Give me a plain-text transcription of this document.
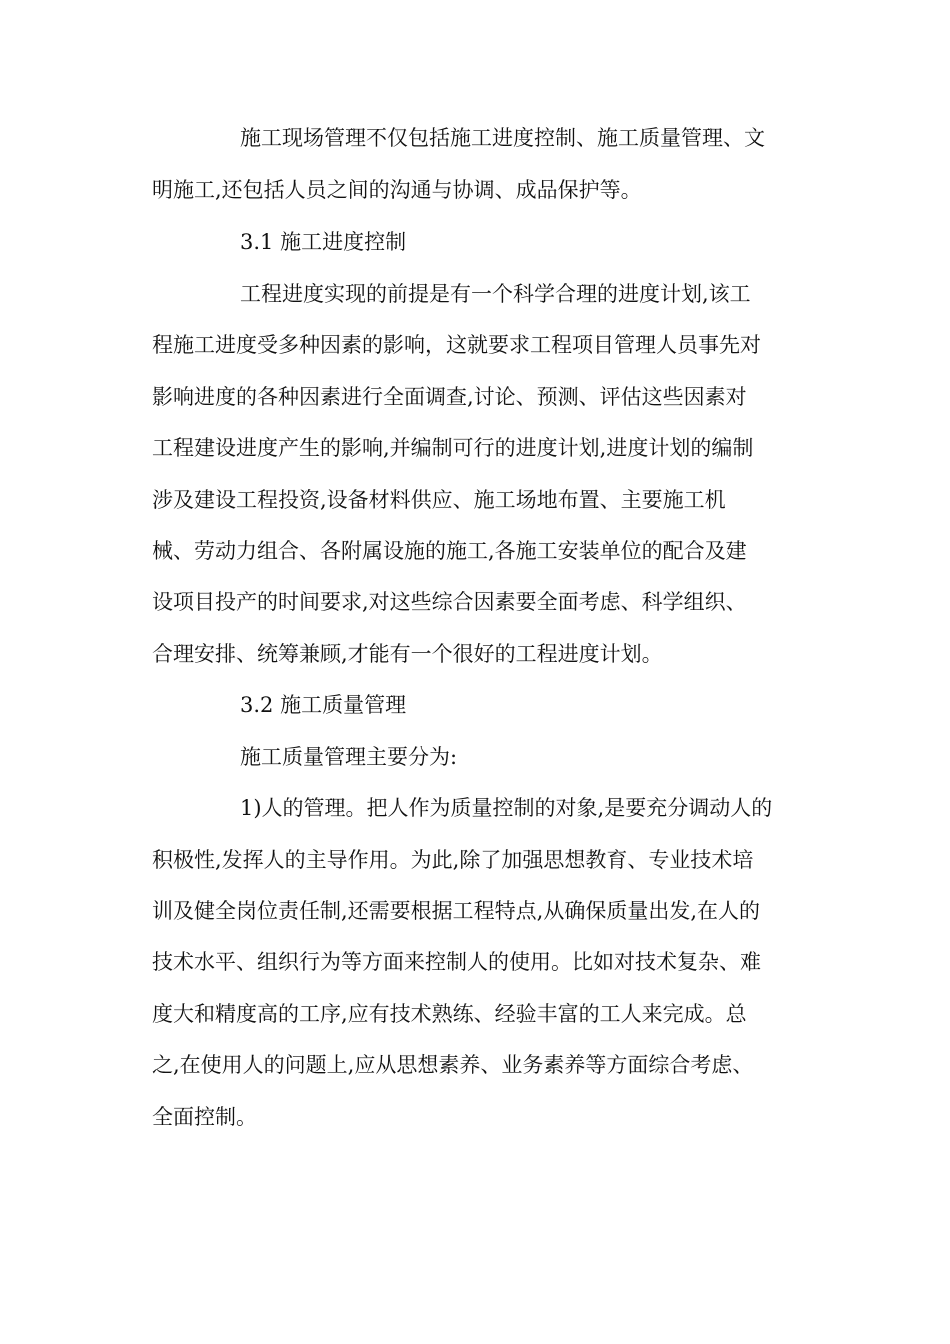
施工现场管理不仅包括施工进度控制、施工质量管理、文
明施工,还包括人员之间的沟通与协调、成品保护等。
3.1 施工进度控制
工程进度实现的前提是有一个科学合理的进度计划,该工
程施工进度受多种因素的影响，这就要求工程项目管理人员事先对
影响进度的各种因素进行全面调查,讨论、预测、评估这些因素对
工程建设进度产生的影响,并编制可行的进度计划,进度计划的编制
涉及建设工程投资,设备材料供应、施工场地布置、主要施工机
械、劳动力组合、各附属设施的施工,各施工安装单位的配合及建
设项目投产的时间要求,对这些综合因素要全面考虑、科学组织、
合理安排、统筹兼顾,才能有一个很好的工程进度计划。
3.2 施工质量管理
施工质量管理主要分为:
1)人的管理。把人作为质量控制的对象,是要充分调动人的
积极性,发挥人的主导作用。为此,除了加强思想教育、专业技术培
训及健全岗位责任制,还需要根据工程特点,从确保质量出发,在人的
技术水平、组织行为等方面来控制人的使用。比如对技术复杂、难
度大和精度高的工序,应有技术熟练、经验丰富的工人来完成。总
之,在使用人的问题上,应从思想素养、业务素养等方面综合考虑、
全面控制。
